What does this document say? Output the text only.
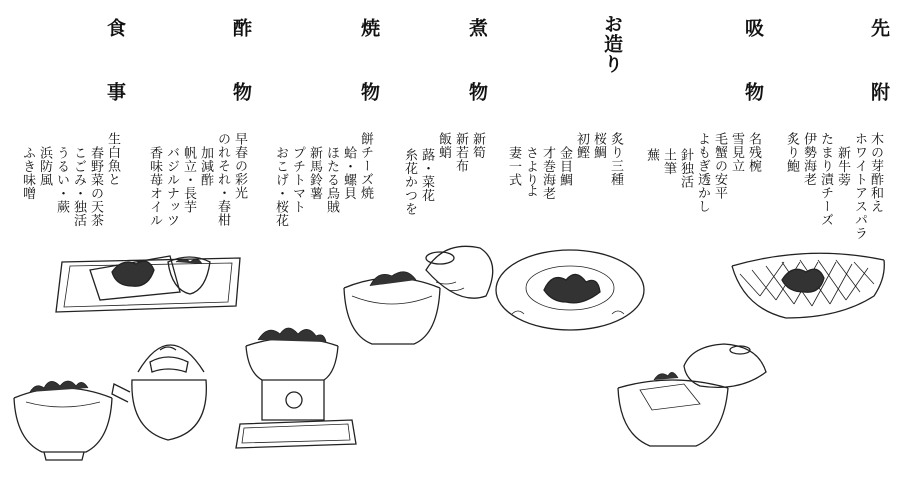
先
附
吸
物
お造り
煮
物
焼
物
酢
物
食
事
木の芽酢和え
ホワイトアスパラ
新牛蒡
たまり漬チーズ
伊勢海老
炙り鮑
名残椀
雪見立
毛蟹の安平
よもぎ透かし
針独活
土筆
蕪
炙り三種
桜鯛
初鰹
金目鯛
才巻海老
さより
よ
妻一式
新筍
新若布
飯蛸
蕗・菜花
糸花かつを
餅チーズ焼
蛤・螺貝
ほたる烏賊
新馬鈴薯
プチトマト
おこげ・桜花
早春の彩光
のれそれ・春柑
加減酢
帆立・長芋
バジルナッツ
香味苺オイル
生白魚と
春野菜の天茶
こごみ・独活
うるい・蕨
浜防風
ふき味噌
